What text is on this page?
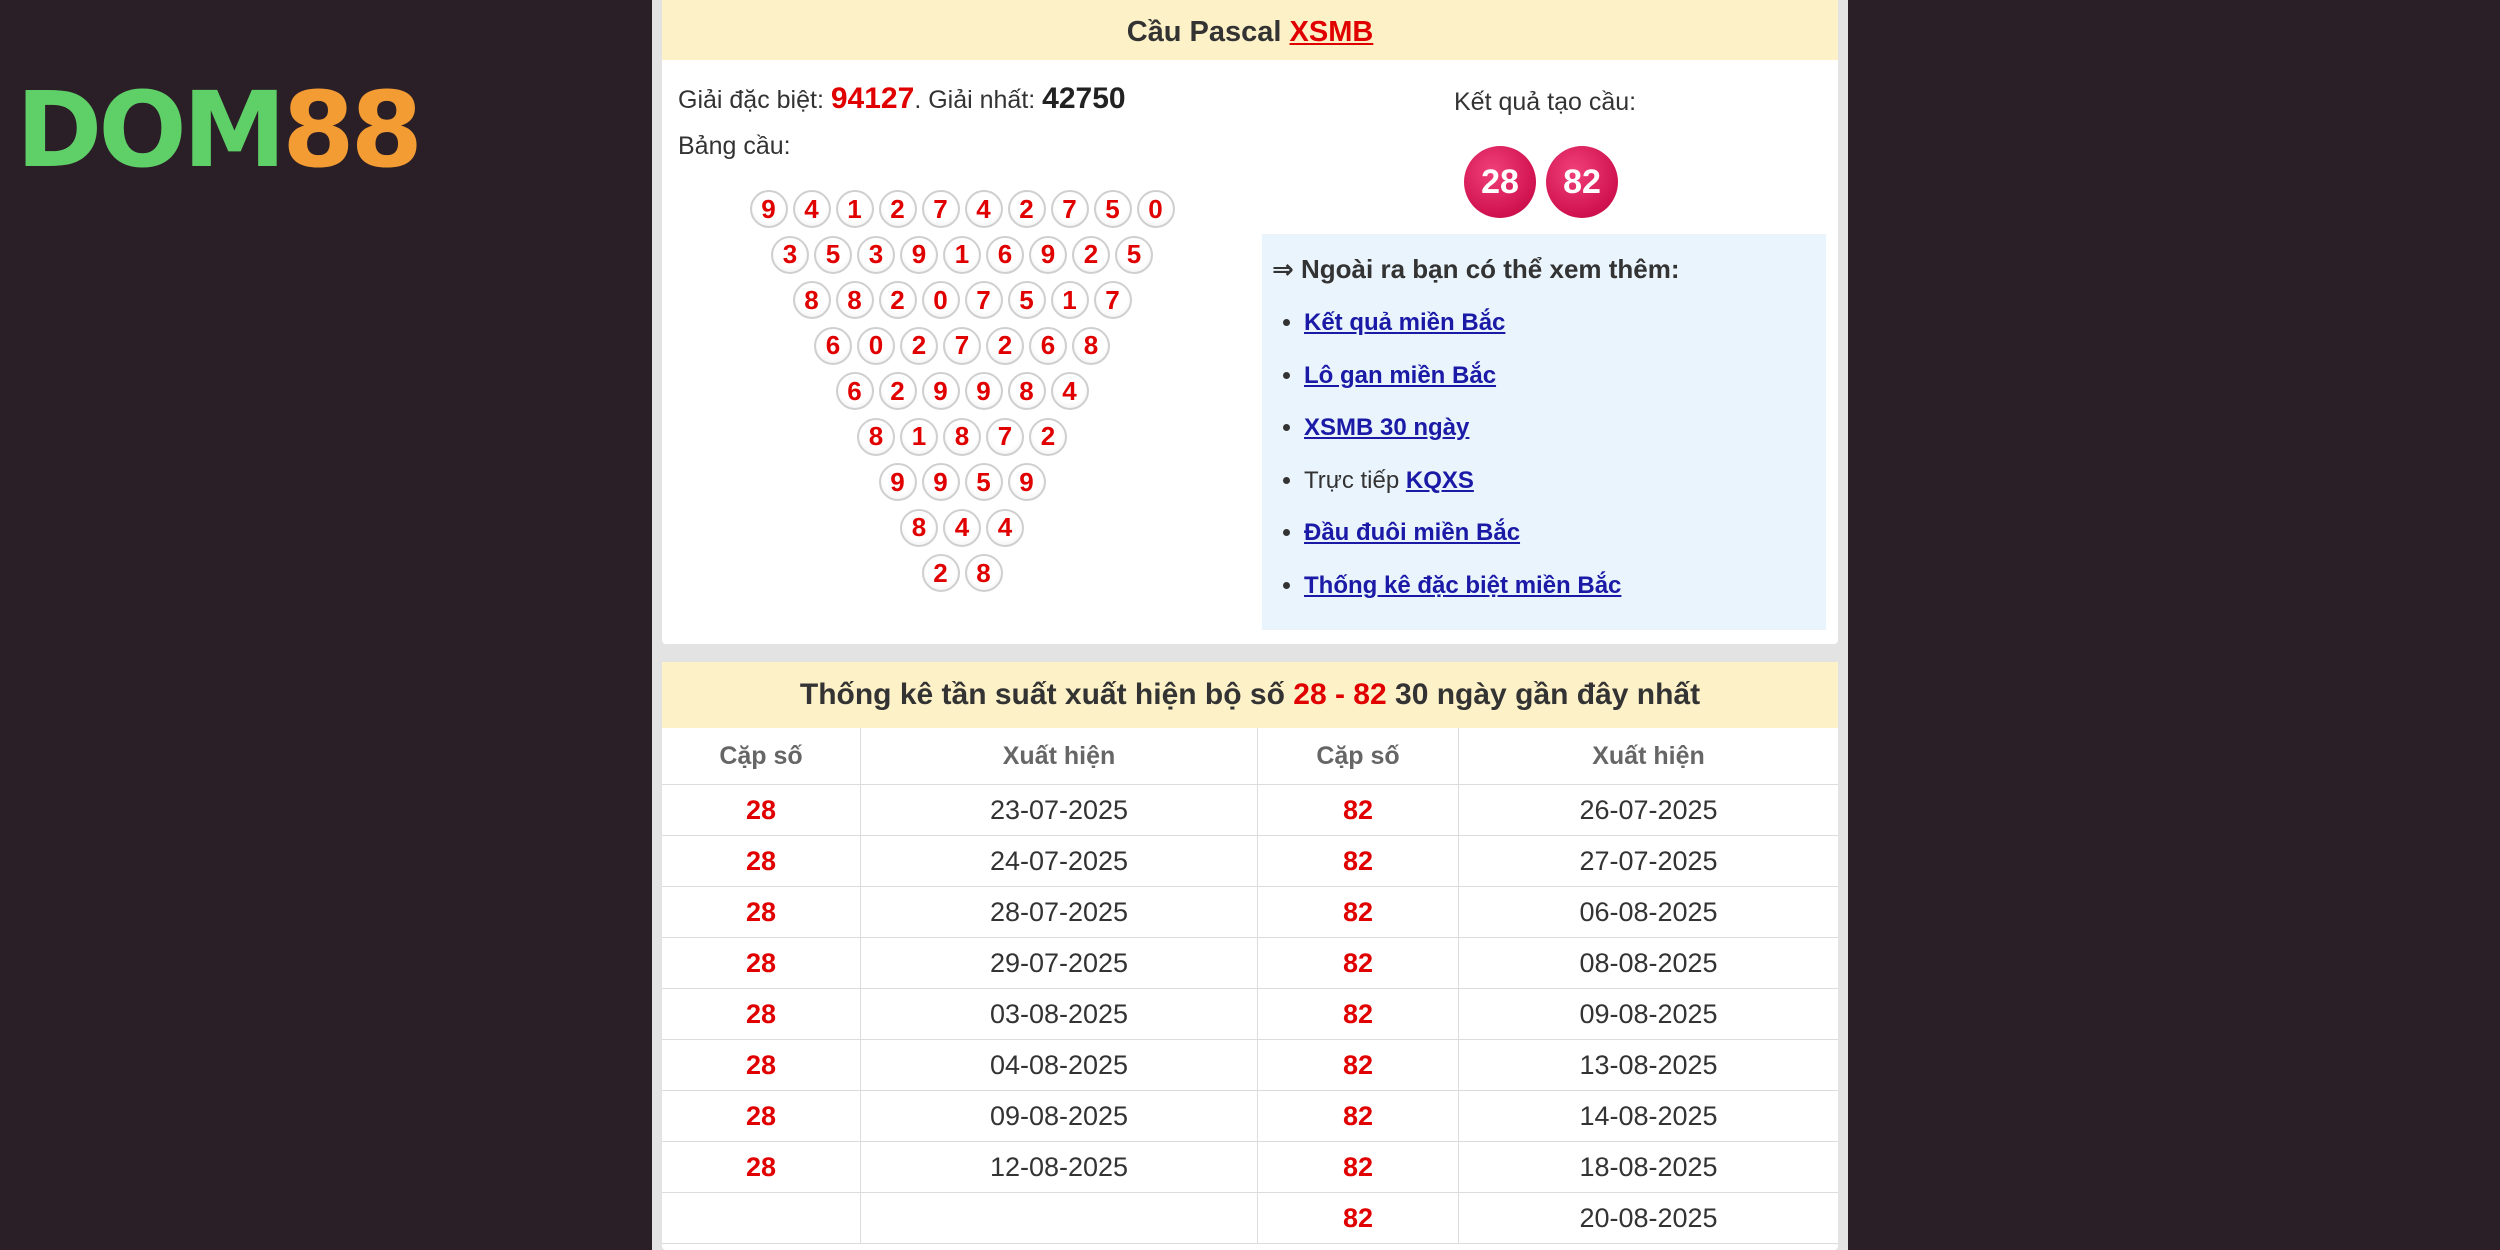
DOM88
Cầu Pascal XSMB
Giải đặc biệt: 94127. Giải nhất: 42750
Bảng cầu:
9	4	1	2	7	4	2	7	5	0
3	5	3	9	1	6	9	2	5
8	8	2	0	7	5	1	7
6	0	2	7	2	6	8
6	2	9	9	8	4
8	1	8	7	2
9	9	5	9
8	4	4
2	8
Kết quả tạo cầu:
28	82
⇒ Ngoài ra bạn có thể xem thêm:
• Kết quả miền Bắc
• Lô gan miền Bắc
• XSMB 30 ngày
• Trực tiếp KQXS
• Đầu đuôi miền Bắc
• Thống kê đặc biệt miền Bắc
Thống kê tần suất xuất hiện bộ số 28 - 82 30 ngày gần đây nhất
Cặp số	Xuất hiện	Cặp số	Xuất hiện
28	23-07-2025	82	26-07-2025
28	24-07-2025	82	27-07-2025
28	28-07-2025	82	06-08-2025
28	29-07-2025	82	08-08-2025
28	03-08-2025	82	09-08-2025
28	04-08-2025	82	13-08-2025
28	09-08-2025	82	14-08-2025
28	12-08-2025	82	18-08-2025
		82	20-08-2025
